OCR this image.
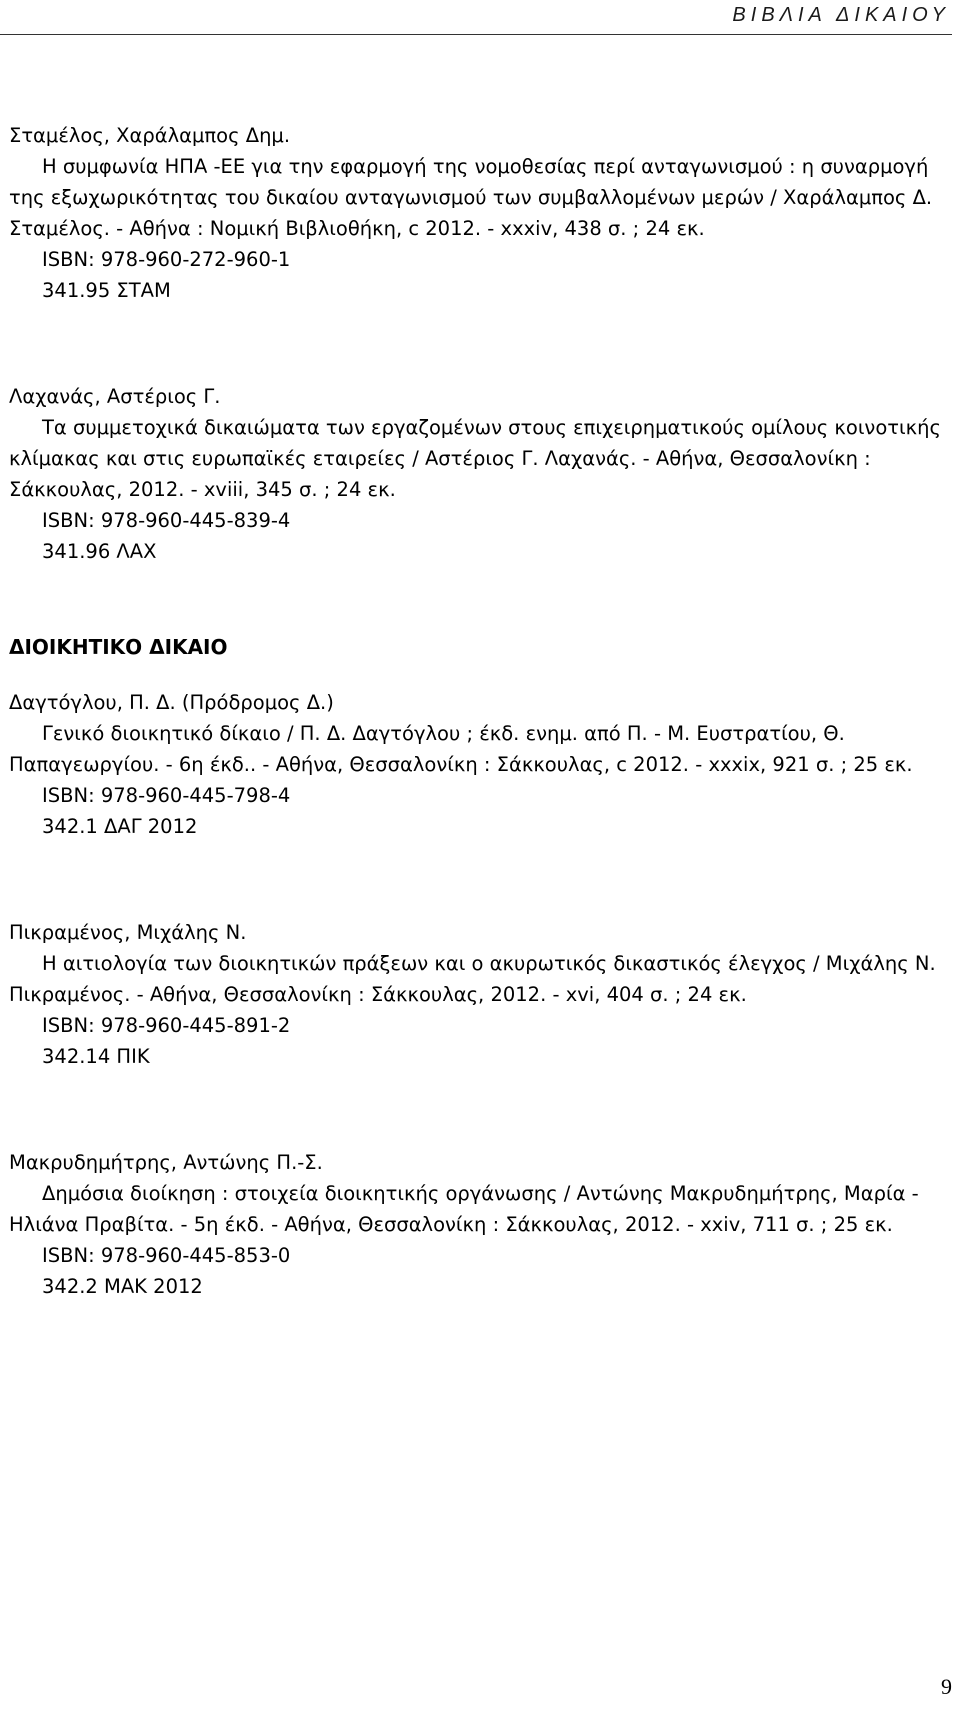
ΒΙΒΛΙΑ ΔΙΚΑΙΟΥ

Σταμέλος, Χαράλαμπος Δημ.

Η συμφωνία ΗΠΑ -ΕΕ για την εφαρμογή της νομοθεσίας περί ανταγωνισμού : η συναρμογή της εξωχωρικότητας του δικαίου ανταγωνισμού των συμβαλλομένων μερών / Χαράλαμπος Δ. Σταμέλος. - Αθήνα : Νομική Βιβλιοθήκη, c 2012. - xxxiv, 438 σ. ; 24 εκ.

ISBN: 978-960-272-960-1

341.95 ΣΤΑΜ

Λαχανάς, Αστέριος Γ.

Τα συμμετοχικά δικαιώματα των εργαζομένων στους επιχειρηματικούς ομίλους κοινοτικής κλίμακας και στις ευρωπαϊκές εταιρείες / Αστέριος Γ. Λαχανάς. - Αθήνα, Θεσσαλονίκη : Σάκκουλας, 2012. - xviii, 345 σ. ; 24 εκ.

ISBN: 978-960-445-839-4

341.96 ΛΑΧ

ΔΙΟΙΚΗΤΙΚΟ ΔΙΚΑΙΟ

Δαγτόγλου, Π. Δ. (Πρόδρομος Δ.)

Γενικό διοικητικό δίκαιο / Π. Δ. Δαγτόγλου ; έκδ. ενημ. από Π. - Μ. Ευστρατίου, Θ. Παπαγεωργίου. - 6η έκδ.. - Αθήνα, Θεσσαλονίκη : Σάκκουλας, c 2012. - xxxix, 921 σ. ; 25 εκ.

ISBN: 978-960-445-798-4

342.1 ΔΑΓ 2012

Πικραμένος, Μιχάλης Ν.

Η αιτιολογία των διοικητικών πράξεων και ο ακυρωτικός δικαστικός έλεγχος / Μιχάλης Ν. Πικραμένος. - Αθήνα, Θεσσαλονίκη : Σάκκουλας, 2012. - xvi, 404 σ. ; 24 εκ.

ISBN: 978-960-445-891-2

342.14 ΠΙΚ

Μακρυδημήτρης, Αντώνης Π.-Σ.

Δημόσια διοίκηση : στοιχεία διοικητικής οργάνωσης / Αντώνης Μακρυδημήτρης, Μαρία - Ηλιάνα Πραβίτα. - 5η έκδ. - Αθήνα, Θεσσαλονίκη : Σάκκουλας, 2012. - xxiv, 711 σ. ; 25 εκ.

ISBN: 978-960-445-853-0

342.2 ΜΑΚ 2012

9
